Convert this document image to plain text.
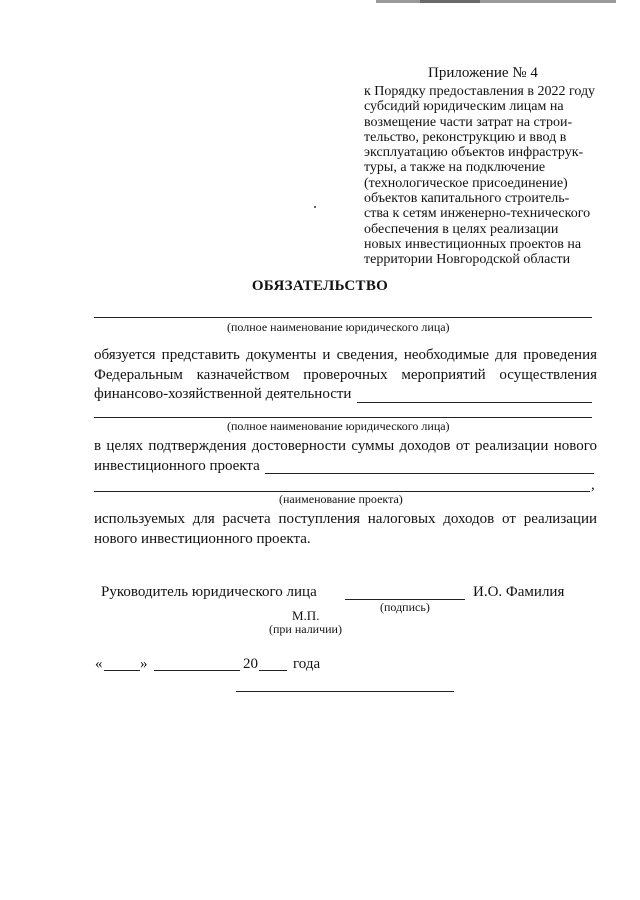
Приложение № 4
к Порядку предоставления в 2022 году
субсидий юридическим лицам на
возмещение части затрат на строи-
тельство, реконструкцию и ввод в
эксплуатацию объектов инфраструк-
туры, а также на подключение
(технологическое присоединение)
объектов капитального строитель-
ства к сетям инженерно-технического
обеспечения в целях реализации
новых инвестиционных проектов на
территории Новгородской области
ОБЯЗАТЕЛЬСТВО
(полное наименование юридического лица)
обязуется представить документы и сведения, необходимые для проведения
Федеральным казначейством проверочных мероприятий осуществления
финансово-хозяйственной деятельности
(полное наименование юридического лица)
в целях подтверждения достоверности суммы доходов от реализации нового
инвестиционного проекта
,
(наименование проекта)
используемых для расчета поступления налоговых доходов от реализации
нового инвестиционного проекта.
Руководитель юридического лица	И.О. Фамилия
(подпись)
М.П.
(при наличии)
«	»	20 года
